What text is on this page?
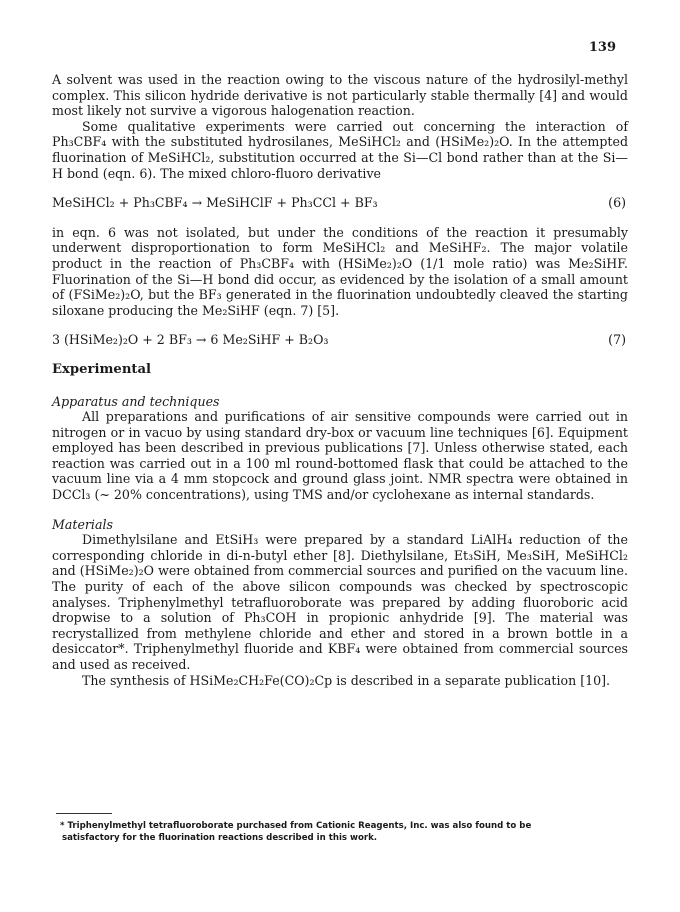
139

A solvent was used in the reaction owing to the viscous nature of the hydrosilyl-methyl complex. This silicon hydride derivative is not particularly stable thermally [4] and would most likely not survive a vigorous halogenation reaction.

Some qualitative experiments were carried out concerning the interaction of Ph₃CBF₄ with the substituted hydrosilanes, MeSiHCl₂ and (HSiMe₂)₂O. In the attempted fluorination of MeSiHCl₂, substitution occurred at the Si—Cl bond rather than at the Si—H bond (eqn. 6). The mixed chloro-fluoro derivative

MeSiHCl₂ + Ph₃CBF₄ → MeSiHClF + Ph₃CCl + BF₃	(6)

in eqn. 6 was not isolated, but under the conditions of the reaction it presumably underwent disproportionation to form MeSiHCl₂ and MeSiHF₂. The major volatile product in the reaction of Ph₃CBF₄ with (HSiMe₂)₂O (1/1 mole ratio) was Me₂SiHF. Fluorination of the Si—H bond did occur, as evidenced by the isolation of a small amount of (FSiMe₂)₂O, but the BF₃ generated in the fluorination undoubtedly cleaved the starting siloxane producing the Me₂SiHF (eqn. 7) [5].

3 (HSiMe₂)₂O + 2 BF₃ → 6 Me₂SiHF + B₂O₃	(7)
Experimental
Apparatus and techniques

All preparations and purifications of air sensitive compounds were carried out in nitrogen or in vacuo by using standard dry-box or vacuum line techniques [6]. Equipment employed has been described in previous publications [7]. Unless otherwise stated, each reaction was carried out in a 100 ml round-bottomed flask that could be attached to the vacuum line via a 4 mm stopcock and ground glass joint. NMR spectra were obtained in DCCl₃ (~ 20% concentrations), using TMS and/or cyclohexane as internal standards.

Materials

Dimethylsilane and EtSiH₃ were prepared by a standard LiAlH₄ reduction of the corresponding chloride in di-n-butyl ether [8]. Diethylsilane, Et₃SiH, Me₃SiH, MeSiHCl₂ and (HSiMe₂)₂O were obtained from commercial sources and purified on the vacuum line. The purity of each of the above silicon compounds was checked by spectroscopic analyses. Triphenylmethyl tetrafluoroborate was prepared by adding fluoroboric acid dropwise to a solution of Ph₃COH in propionic anhydride [9]. The material was recrystallized from methylene chloride and ether and stored in a brown bottle in a desiccator*. Triphenylmethyl fluoride and KBF₄ were obtained from commercial sources and used as received.

The synthesis of HSiMe₂CH₂Fe(CO)₂Cp is described in a separate publication [10].

* Triphenylmethyl tetrafluoroborate purchased from Cationic Reagents, Inc. was also found to be

satisfactory for the fluorination reactions described in this work.
